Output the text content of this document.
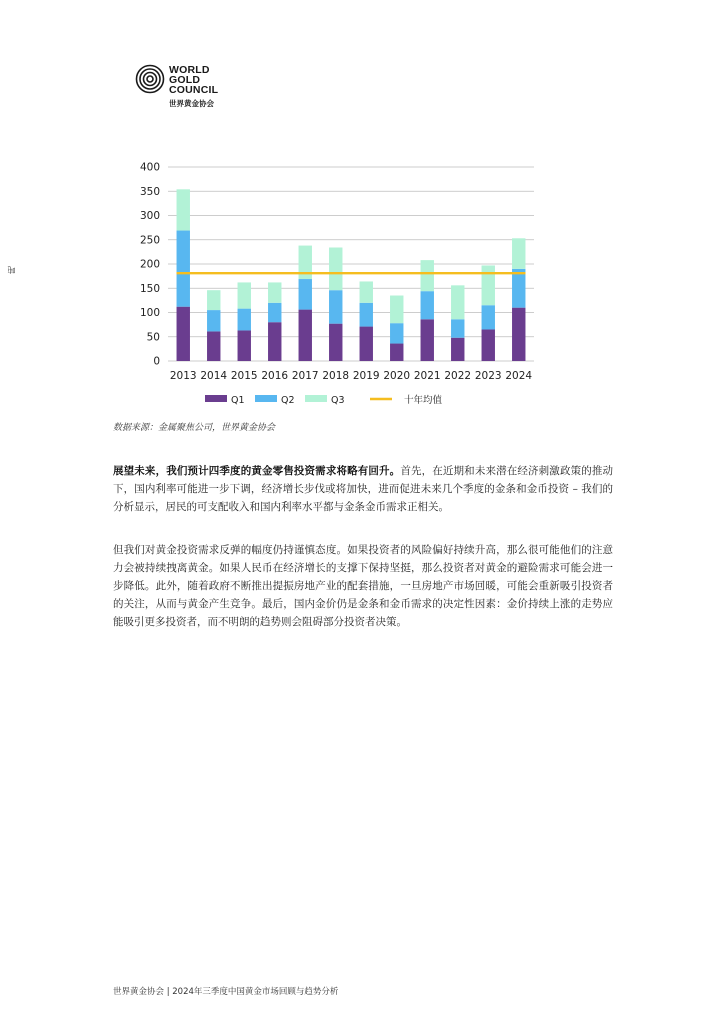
WORLD
GOLD
COUNCIL
世界黄金协会
0
50
100
150
200
250
300
350
400
2013 2014 2015 2016 2017 2018 2019 2020 2021 2022 2023 2024
Q1	Q2	Q3	十年均值
吨
数据来源：金属聚焦公司，世界黄金协会
展望未来，我们预计四季度的黄金零售投资需求将略有回升。首先，在近期和未来潜在经济刺激政策的推动下，国内利率可能进一步下调，经济增长步伐或将加快，进而促进未来几个季度的金条和金币投资 – 我们的分析显示，居民的可支配收入和国内利率水平都与金条金币需求正相关。
但我们对黄金投资需求反弹的幅度仍持谨慎态度。如果投资者的风险偏好持续升高，那么很可能他们的注意力会被持续拽离黄金。如果人民币在经济增长的支撑下保持坚挺，那么投资者对黄金的避险需求可能会进一步降低。此外，随着政府不断推出提振房地产业的配套措施，一旦房地产市场回暖，可能会重新吸引投资者的关注，从而与黄金产生竞争。最后，国内金价仍是金条和金币需求的决定性因素：金价持续上涨的走势应能吸引更多投资者，而不明朗的趋势则会阻碍部分投资者决策。
世界黄金协会 | 2024年三季度中国黄金市场回顾与趋势分析
